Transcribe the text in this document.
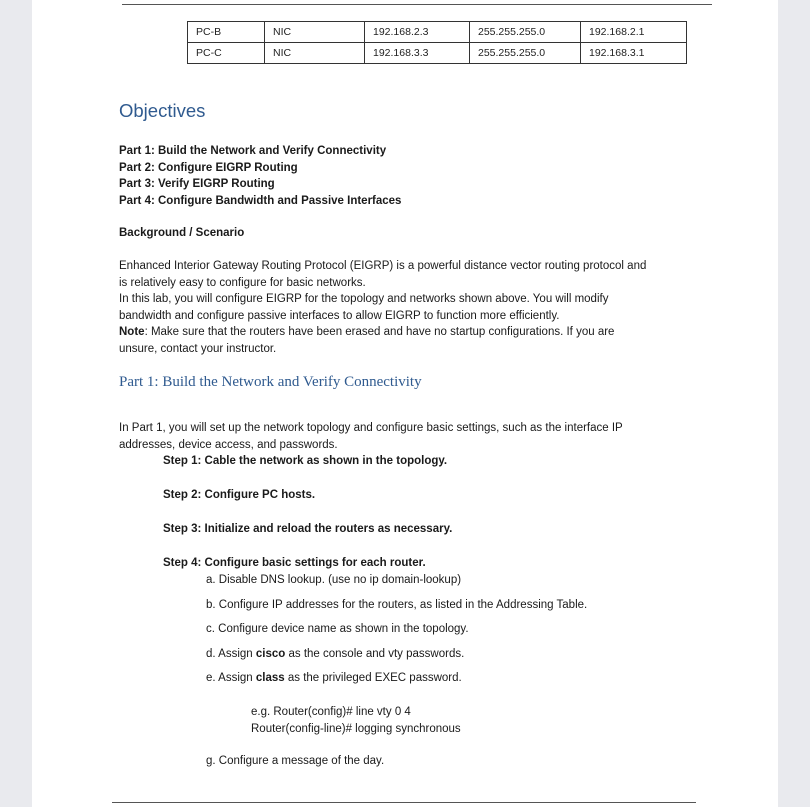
PC-B	NIC	192.168.2.3	255.255.255.0	192.168.2.1
PC-C	NIC	192.168.3.3	255.255.255.0	192.168.3.1
Objectives
Part 1: Build the Network and Verify Connectivity
Part 2: Configure EIGRP Routing
Part 3: Verify EIGRP Routing
Part 4: Configure Bandwidth and Passive Interfaces
Background / Scenario
Enhanced Interior Gateway Routing Protocol (EIGRP) is a powerful distance vector routing protocol and
is relatively easy to configure for basic networks.
In this lab, you will configure EIGRP for the topology and networks shown above. You will modify
bandwidth and configure passive interfaces to allow EIGRP to function more efficiently.
Note: Make sure that the routers have been erased and have no startup configurations. If you are
unsure, contact your instructor.
Part 1: Build the Network and Verify Connectivity
In Part 1, you will set up the network topology and configure basic settings, such as the interface IP
addresses, device access, and passwords.
Step 1: Cable the network as shown in the topology.
Step 2: Configure PC hosts.
Step 3: Initialize and reload the routers as necessary.
Step 4: Configure basic settings for each router.
a. Disable DNS lookup. (use no ip domain-lookup)
b. Configure IP addresses for the routers, as listed in the Addressing Table.
c. Configure device name as shown in the topology.
d. Assign cisco as the console and vty passwords.
e. Assign class as the privileged EXEC password.
e.g. Router(config)# line vty 0 4
Router(config-line)# logging synchronous
g. Configure a message of the day.
